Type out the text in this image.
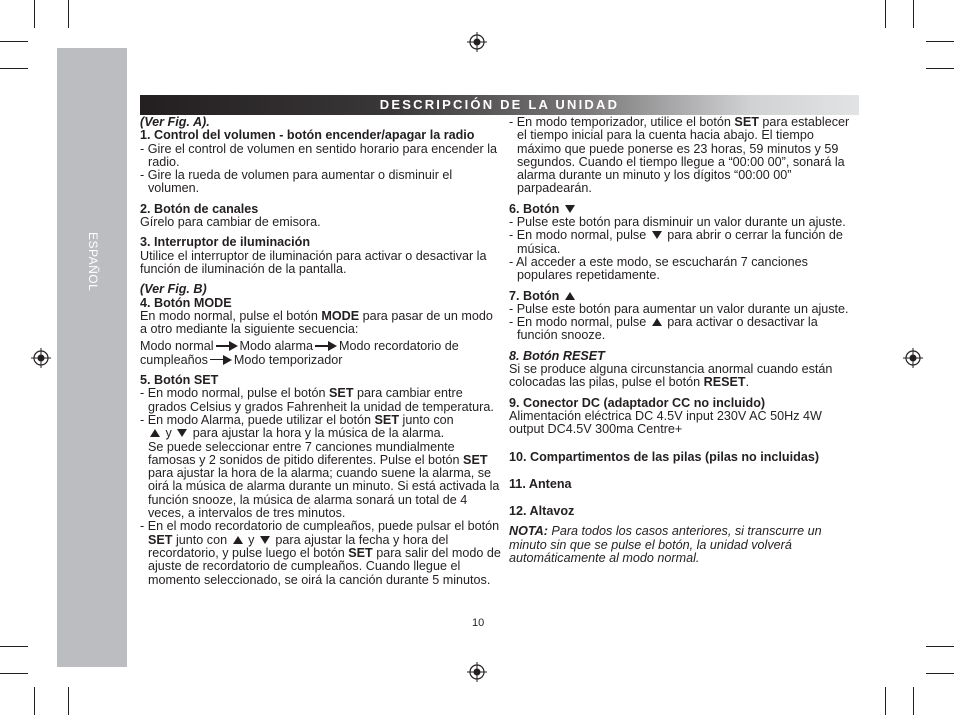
ESPAÑOL
DESCRIPCIÓN DE LA UNIDAD

(Ver Fig. A).

1. Control del volumen - botón encender/apagar la radio

- Gire el control de volumen en sentido horario para encender la radio.

- Gire la rueda de volumen para aumentar o disminuir el volumen.

2. Botón de canales

Gírelo para cambiar de emisora.

3. Interruptor de iluminación

Utilice el interruptor de iluminación para activar o desactivar la función de iluminación de la pantalla.

(Ver Fig. B)

4. Botón MODE

En modo normal, pulse el botón MODE para pasar de un modo a otro mediante la siguiente secuencia:

Modo normal Modo alarma Modo recordatorio de cumpleaños Modo temporizador

5. Botón SET

- En modo normal, pulse el botón SET para cambiar entre grados Celsius y grados Fahrenheit la unidad de temperatura.

- En modo Alarma, puede utilizar el botón SET junto con
y  para ajustar la hora y la música de la alarma.
Se puede seleccionar entre 7 canciones mundialmente famosas y 2 sonidos de pitido diferentes. Pulse el botón SET para ajustar la hora de la alarma; cuando suene la alarma, se oirá la música de alarma durante un minuto. Si está activada la función snooze, la música de alarma sonará un total de 4 veces, a intervalos de tres minutos.

- En el modo recordatorio de cumpleaños, puede pulsar el botón SET junto con  y  para ajustar la fecha y hora del recordatorio, y pulse luego el botón SET para salir del modo de ajuste de recordatorio de cumpleaños. Cuando llegue el momento seleccionado, se oirá la canción durante 5 minutos.

- En modo temporizador, utilice el botón SET para establecer el tiempo inicial para la cuenta hacia abajo. El tiempo máximo que puede ponerse es 23 horas, 59 minutos y 59 segundos. Cuando el tiempo llegue a “00:00 00”, sonará la alarma durante un minuto y los dígitos “00:00 00” parpadearán.

6. Botón

- Pulse este botón para disminuir un valor durante un ajuste.

- En modo normal, pulse  para abrir o cerrar la función de música.

- Al acceder a este modo, se escucharán 7 canciones populares repetidamente.

7. Botón

- Pulse este botón para aumentar un valor durante un ajuste.

- En modo normal, pulse  para activar o desactivar la función snooze.

8. Botón RESET

Si se produce alguna circunstancia anormal cuando están colocadas las pilas, pulse el botón RESET.

9. Conector DC (adaptador CC no incluido)

Alimentación eléctrica DC 4.5V input 230V AC 50Hz 4W output DC4.5V 300ma Centre+

10. Compartimentos de las pilas (pilas no incluidas)

11. Antena

12. Altavoz

NOTA: Para todos los casos anteriores, si transcurre un minuto sin que se pulse el botón, la unidad volverá automáticamente al modo normal.

10
